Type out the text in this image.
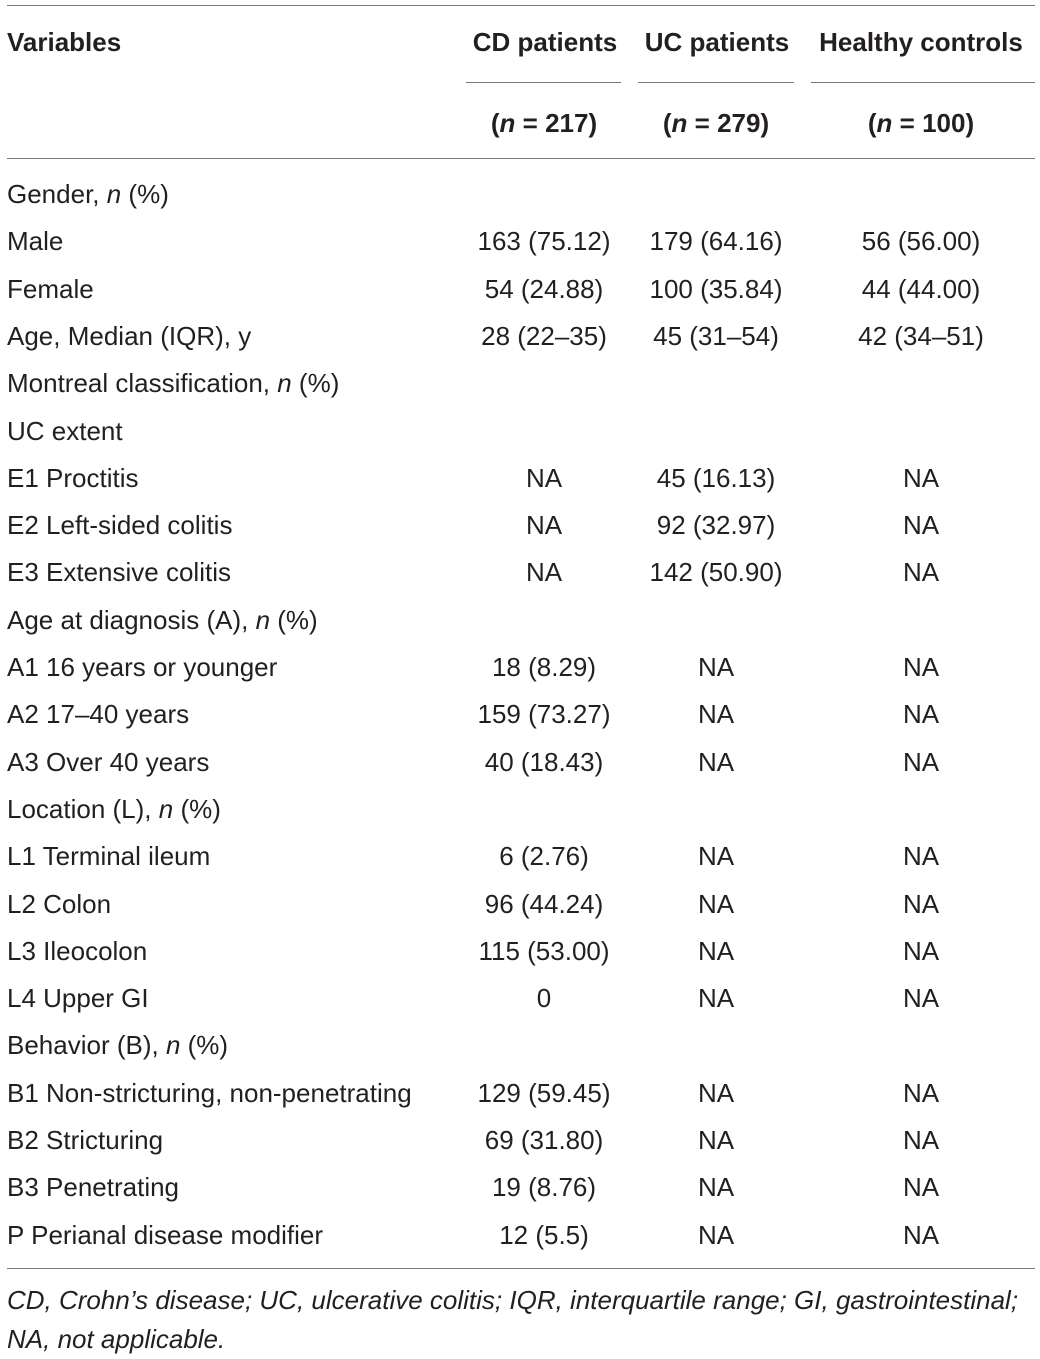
Variables	CD patients	UC patients	Healthy controls
(n = 217)	(n = 279)	(n = 100)
Gender, n (%)
Male	163 (75.12)	179 (64.16)	56 (56.00)
Female	54 (24.88)	100 (35.84)	44 (44.00)
Age, Median (IQR), y	28 (22–35)	45 (31–54)	42 (34–51)
Montreal classification, n (%)
UC extent
E1 Proctitis	NA	45 (16.13)	NA
E2 Left-sided colitis	NA	92 (32.97)	NA
E3 Extensive colitis	NA	142 (50.90)	NA
Age at diagnosis (A), n (%)
A1 16 years or younger	18 (8.29)	NA	NA
A2 17–40 years	159 (73.27)	NA	NA
A3 Over 40 years	40 (18.43)	NA	NA
Location (L), n (%)
L1 Terminal ileum	6 (2.76)	NA	NA
L2 Colon	96 (44.24)	NA	NA
L3 Ileocolon	115 (53.00)	NA	NA
L4 Upper GI	0	NA	NA
Behavior (B), n (%)
B1 Non-stricturing, non-penetrating	129 (59.45)	NA	NA
B2 Stricturing	69 (31.80)	NA	NA
B3 Penetrating	19 (8.76)	NA	NA
P Perianal disease modifier	12 (5.5)	NA	NA
CD, Crohn’s disease; UC, ulcerative colitis; IQR, interquartile range; GI, gastrointestinal; NA, not applicable.
